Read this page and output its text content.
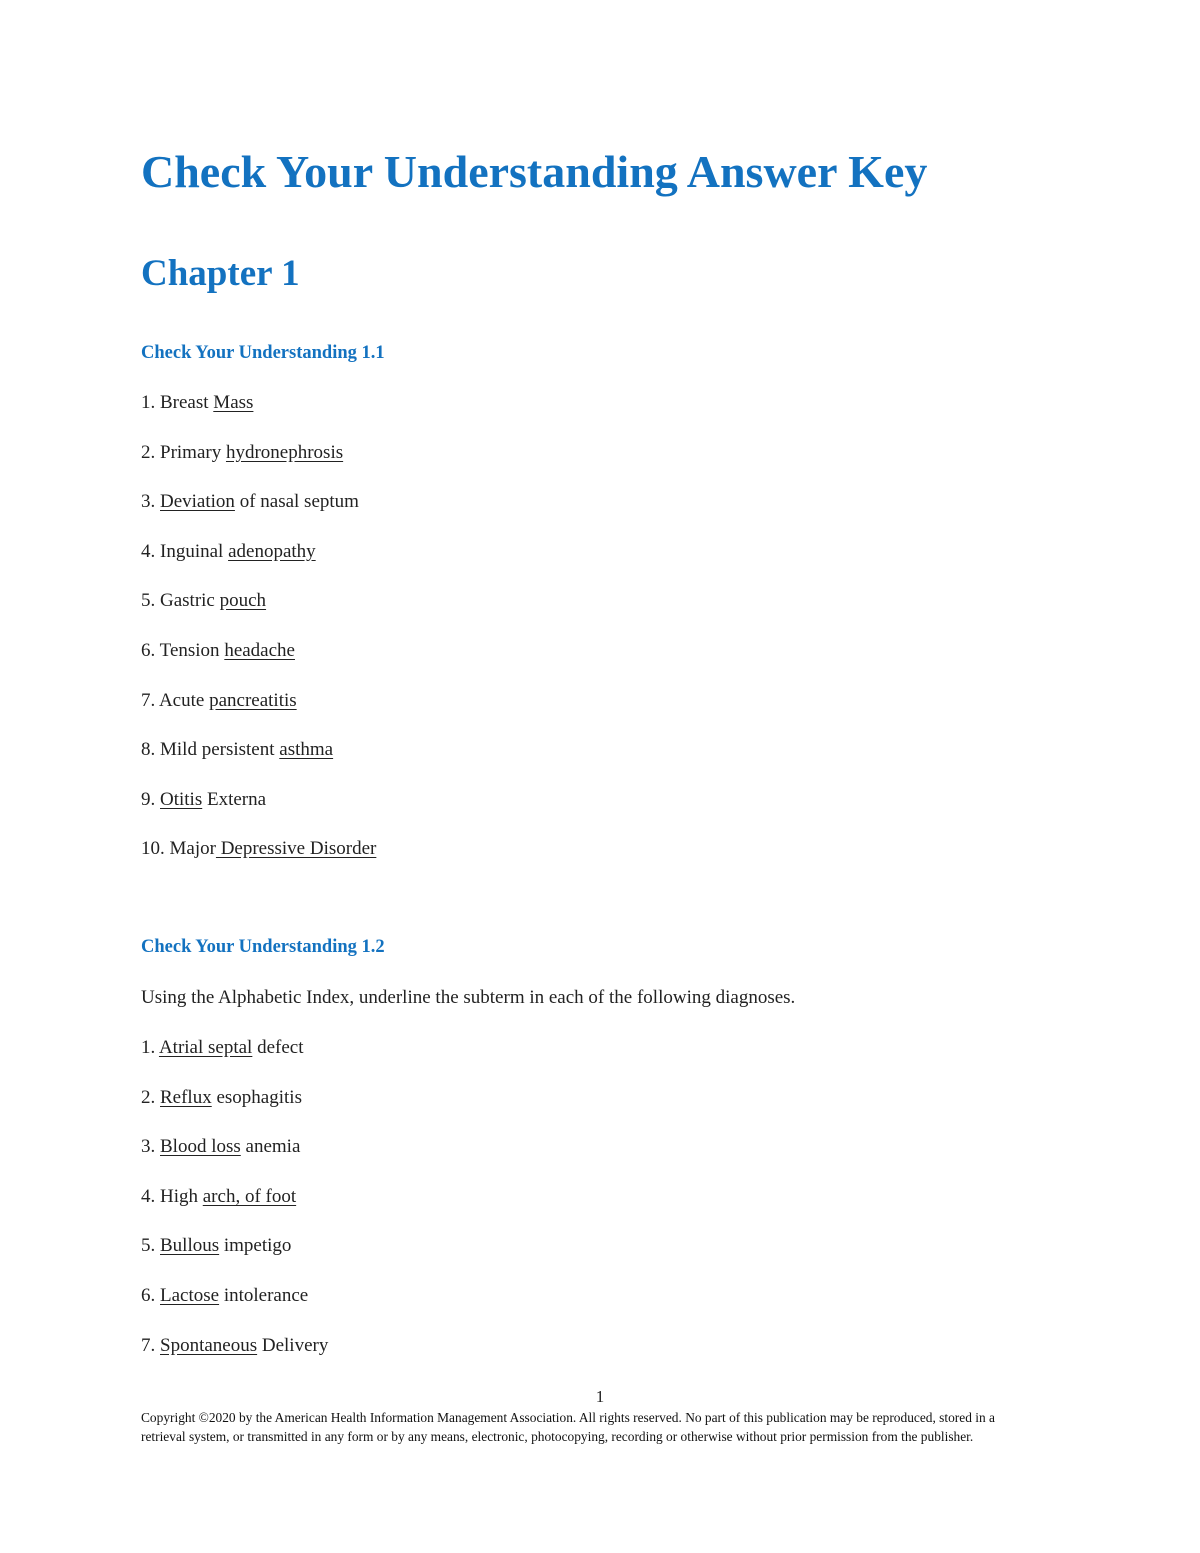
Check Your Understanding Answer Key
Chapter 1
Check Your Understanding 1.1
1. Breast Mass
2. Primary hydronephrosis
3. Deviation of nasal septum
4. Inguinal adenopathy
5. Gastric pouch
6. Tension headache
7. Acute pancreatitis
8. Mild persistent asthma
9. Otitis Externa
10. Major Depressive Disorder
Check Your Understanding 1.2

Using the Alphabetic Index, underline the subterm in each of the following diagnoses.

1. Atrial septal defect
2. Reflux esophagitis
3. Blood loss anemia
4. High arch, of foot
5. Bullous impetigo
6. Lactose intolerance
7. Spontaneous Delivery

1

Copyright ©2020 by the American Health Information Management Association. All rights reserved. No part of this publication may be reproduced, stored in a retrieval system, or transmitted in any form or by any means, electronic, photocopying, recording or otherwise without prior permission from the publisher.
